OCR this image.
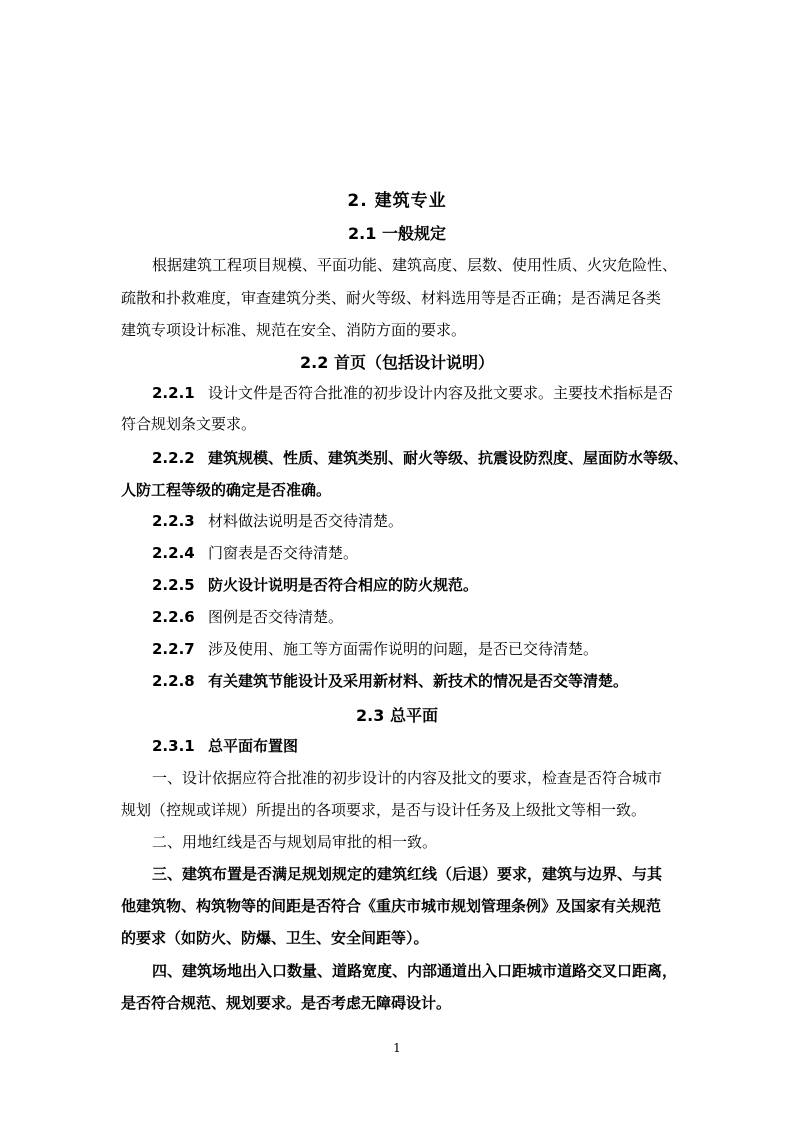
2. 建筑专业
2.1 一般规定
根据建筑工程项目规模、平面功能、建筑高度、层数、使用性质、火灾危险性、
疏散和扑救难度，审查建筑分类、耐火等级、材料选用等是否正确；是否满足各类
建筑专项设计标准、规范在安全、消防方面的要求。
2.2 首页（包括设计说明）
2.2.1 设计文件是否符合批准的初步设计内容及批文要求。主要技术指标是否
符合规划条文要求。
2.2.2 建筑规模、性质、建筑类别、耐火等级、抗震设防烈度、屋面防水等级、
人防工程等级的确定是否准确。
2.2.3 材料做法说明是否交待清楚。
2.2.4 门窗表是否交待清楚。
2.2.5 防火设计说明是否符合相应的防火规范。
2.2.6 图例是否交待清楚。
2.2.7 涉及使用、施工等方面需作说明的问题，是否已交待清楚。
2.2.8 有关建筑节能设计及采用新材料、新技术的情况是否交等清楚。
2.3 总平面
2.3.1 总平面布置图
一、设计依据应符合批准的初步设计的内容及批文的要求，检查是否符合城市
规划（控规或详规）所提出的各项要求，是否与设计任务及上级批文等相一致。
二、用地红线是否与规划局审批的相一致。
三、建筑布置是否满足规划规定的建筑红线（后退）要求，建筑与边界、与其
他建筑物、构筑物等的间距是否符合《重庆市城市规划管理条例》及国家有关规范
的要求（如防火、防爆、卫生、安全间距等）。
四、建筑场地出入口数量、道路宽度、内部通道出入口距城市道路交叉口距离，
是否符合规范、规划要求。是否考虑无障碍设计。
1
